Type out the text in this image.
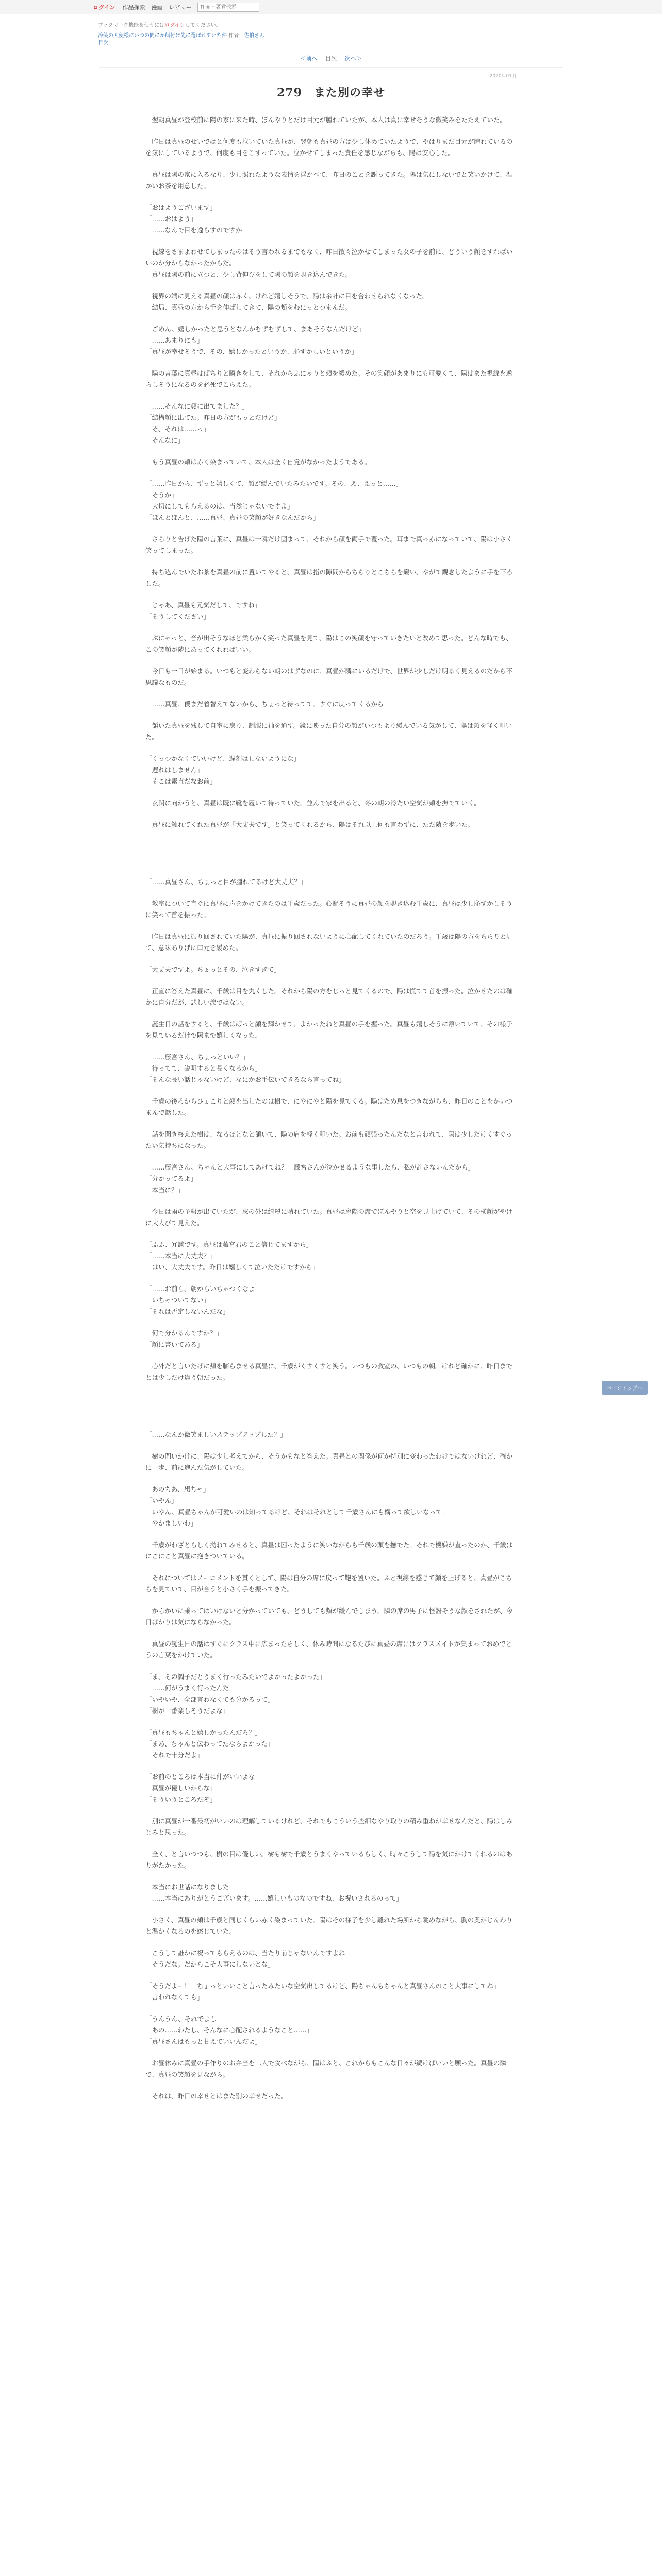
ログイン 作品探索 漫画 レビュー
作品・著者検索
ブックマーク機能を使うにはログインしてください。
冷笑の天使様にいつの間にか餌付け先に選ばれていた件 作者：佐伯さん
目次
＜前へ 目次 次へ＞
2020年01月
279　 また別の幸せ

　翌朝真昼が登校前に陽の家に来た時、ぼんやりとだけ目元が腫れていたが、本人は真に幸せそうな微笑みをたたえていた。

　昨日は真昼のせいではと何度も泣いていた真昼が、翌朝も真昼の方は少し休めていたようで、やはりまだ目元が腫れているのを気にしているようで、何度も目をこすっていた。泣かせてしまった責任を感じながらも、陽は安心した。

　真昼は陽の家に入るなり、少し照れたような表情を浮かべて、昨日のことを謝ってきた。陽は気にしないでと笑いかけて、温かいお茶を用意した。

「おはようございます」
「……おはよう」
「……なんで目を逸らすのですか」

　視線をさまよわせてしまったのはそう言われるまでもなく、昨日散々泣かせてしまった女の子を前に、どういう顔をすればいいのか分からなかったからだ。
　真昼は陽の前に立つと、少し背伸びをして陽の顔を覗き込んできた。

　視界の端に見える真昼の顔は赤く、けれど嬉しそうで、陽は余計に目を合わせられなくなった。
　結局、真昼の方から手を伸ばしてきて、陽の頬をむにっとつまんだ。

「ごめん、嬉しかったと思うとなんかむずむずして、まあそうなんだけど」
「……あまりにも」
「真昼が幸せそうで、その、嬉しかったというか、恥ずかしいというか」

　陽の言葉に真昼はぱちりと瞬きをして、それからふにゃりと頬を緩めた。その笑顔があまりにも可愛くて、陽はまた視線を逸らしそうになるのを必死でこらえた。

「……そんなに顔に出てました？」
「結構顔に出てた。昨日の方がもっとだけど」
「そ、それは……っ」
「そんなに」

　もう真昼の頬は赤く染まっていて、本人は全く自覚がなかったようである。

「……昨日から、ずっと嬉しくて、顔が緩んでいたみたいです。その、え、えっと……」
「そうか」
「大切にしてもらえるのは、当然じゃないですよ」
「ほんとほんと、……真昼、真昼の笑顔が好きなんだから」

　さらりと告げた陽の言葉に、真昼は一瞬だけ固まって、それから顔を両手で覆った。耳まで真っ赤になっていて、陽は小さく笑ってしまった。

　持ち込んでいたお茶を真昼の前に置いてやると、真昼は指の隙間からちらりとこちらを窺い、やがて観念したように手を下ろした。

「じゃあ、真昼も元気だして、ですね」
「そうしてください」

　ぷにゃっと、音が出そうなほど柔らかく笑った真昼を見て、陽はこの笑顔を守っていきたいと改めて思った。どんな時でも、この笑顔が隣にあってくれればいい。

　今日も一日が始まる。いつもと変わらない朝のはずなのに、真昼が隣にいるだけで、世界が少しだけ明るく見えるのだから不思議なものだ。

「……真昼、僕まだ着替えてないから、ちょっと待ってて。すぐに戻ってくるから」

　頷いた真昼を残して自室に戻り、制服に袖を通す。鏡に映った自分の顔がいつもより緩んでいる気がして、陽は頬を軽く叩いた。

「くっつかなくていいけど、遅刻はしないようにな」
「遅れはしません」
「そこは素直だなお前」

　玄関に向かうと、真昼は既に靴を履いて待っていた。並んで家を出ると、冬の朝の冷たい空気が頬を撫でていく。

　真昼に触れてくれた真昼が「大丈夫です」と笑ってくれるから、陽はそれ以上何も言わずに、ただ隣を歩いた。

「……真昼さん、ちょっと目が腫れてるけど大丈夫？」

　教室について直ぐに真昼に声をかけてきたのは千歳だった。心配そうに真昼の顔を覗き込む千歳に、真昼は少し恥ずかしそうに笑って首を振った。

　昨日は真昼に振り回されていた陽が、真昼に振り回されないように心配してくれていたのだろう。千歳は陽の方をちらりと見て、意味ありげに口元を緩めた。

「大丈夫ですよ。ちょっとその、泣きすぎて」

　正直に答えた真昼に、千歳は目を丸くした。それから陽の方をじっと見てくるので、陽は慌てて首を振った。泣かせたのは確かに自分だが、悲しい涙ではない。

　誕生日の話をすると、千歳はぱっと顔を輝かせて、よかったねと真昼の手を握った。真昼も嬉しそうに頷いていて、その様子を見ているだけで陽まで嬉しくなった。

「……藤宮さん、ちょっといい？」
「待ってて、説明すると長くなるから」
「そんな長い話じゃないけど、なにかお手伝いできるなら言ってね」

　千歳の後ろからひょこりと顔を出したのは樹で、にやにやと陽を見てくる。陽はため息をつきながらも、昨日のことをかいつまんで話した。

　話を聞き終えた樹は、なるほどなと頷いて、陽の肩を軽く叩いた。お前も頑張ったんだなと言われて、陽は少しだけくすぐったい気持ちになった。

「……藤宮さん、ちゃんと大事にしてあげてね？　藤宮さんが泣かせるような事したら、私が許さないんだから」
「分かってるよ」
「本当に？」

　今日は雨の予報が出ていたが、窓の外は綺麗に晴れていた。真昼は窓際の席でぼんやりと空を見上げていて、その横顔がやけに大人びて見えた。

「ふふ、冗談です。真昼は藤宮君のこと信じてますから」
「……本当に大丈夫？」
「はい、大丈夫です。昨日は嬉しくて泣いただけですから」

「……お前ら、朝からいちゃつくなよ」
「いちゃついてない」
「それは否定しないんだな」

「何で分かるんですか？」
「顔に書いてある」

　心外だと言いたげに頬を膨らませる真昼に、千歳がくすくすと笑う。いつもの教室の、いつもの朝。けれど確かに、昨日までとは少しだけ違う朝だった。

「……なんか微笑ましいステップアップした？」

　樹の問いかけに、陽は少し考えてから、そうかもなと答えた。真昼との関係が何か特別に変わったわけではないけれど、確かに一歩、前に進んだ気がしていた。

「あのちあ、想ちゃ」
「いやん」
「いやん、真昼ちゃんが可愛いのは知ってるけど、それはそれとして千歳さんにも構って欲しいなって」
「やかましいわ」

　千歳がわざとらしく拗ねてみせると、真昼は困ったように笑いながらも千歳の頭を撫でた。それで機嫌が直ったのか、千歳はにこにこと真昼に抱きついている。

　それについてはノーコメントを貫くとして、陽は自分の席に戻って鞄を置いた。ふと視線を感じて顔を上げると、真昼がこちらを見ていて、目が合うと小さく手を振ってきた。

　からかいに乗ってはいけないと分かっていても、どうしても頬が緩んでしまう。隣の席の男子に怪訝そうな顔をされたが、今日ばかりは気にならなかった。

　真昼の誕生日の話はすぐにクラス中に広まったらしく、休み時間になるたびに真昼の席にはクラスメイトが集まっておめでとうの言葉をかけていた。

「ま、その調子だとうまく行ったみたいでよかったよかった」
「……何がうまく行ったんだ」
「いやいや、全部言わなくても分かるって」
「樹が一番楽しそうだよな」

「真昼もちゃんと嬉しかったんだろ？」
「まあ、ちゃんと伝わってたならよかった」
「それで十分だよ」

「お前のところは本当に仲がいいよな」
「真昼が優しいからな」
「そういうところだぞ」

　別に真昼が一番最初がいいのは理解しているけれど、それでもこういう些細なやり取りの積み重ねが幸せなんだと、陽はしみじみと思った。

　全く、と言いつつも、樹の目は優しい。樹も樹で千歳とうまくやっているらしく、時々こうして陽を気にかけてくれるのはありがたかった。

「本当にお世話になりました」
「……本当にありがとうございます。……嬉しいものなのですね、お祝いされるのって」

　小さく、真昼の頬は千歳と同じくらい赤く染まっていた。陽はその様子を少し離れた場所から眺めながら、胸の奥がじんわりと温かくなるのを感じていた。

「こうして誰かに祝ってもらえるのは、当たり前じゃないんですよね」
「そうだな。だからこそ大事にしないとな」

「そうだよー！　ちょっといいこと言ったみたいな空気出してるけど、陽ちゃんもちゃんと真昼さんのこと大事にしてね」
「言われなくても」

「うんうん、それでよし」
「あの……わたし、そんなに心配されるようなこと……」
「真昼さんはもっと甘えていいんだよ」

　お昼休みに真昼の手作りのお弁当を二人で食べながら、陽はふと、これからもこんな日々が続けばいいと願った。真昼の隣で、真昼の笑顔を見ながら。

　それは、昨日の幸せとはまた別の幸せだった。

ページトップへ
